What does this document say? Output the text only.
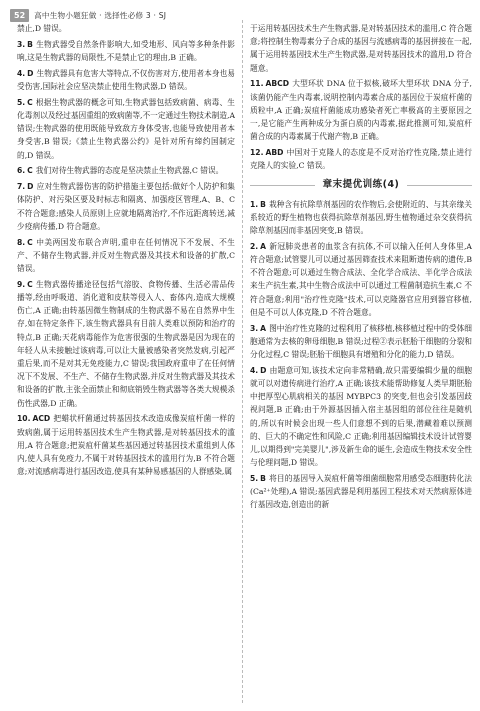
52	高中生物小题狂做 · 选择性必修 3 · SJ

禁止,D 错误。

3. B 生物武器受自然条件影响大,如受地形、风向等多种条件影响,这是生物武器的局限性,不是禁止它的理由,B 正确。

4. D 生物武器具有危害大等特点,不仅伤害对方,使用者本身也易受伤害,国际社会应坚决禁止使用生物武器,D 错误。

5. C 根据生物武器的概念可知,生物武器包括致病菌、病毒、生化毒剂以及经过基因重组的致病菌等,不一定通过生物技术制造,A 错误;生物武器的使用既能导致敌方身体受害,也能导致使用者本身受害,B 错误;《禁止生物武器公约》是针对所有缔约国制定的,D 错误。

6. C 我们对待生物武器的态度是坚决禁止生物武器,C 错误。

7. D 应对生物武器伤害的防护措施主要包括:做好个人防护和集体防护、对污染区要及时标志和隔离、加强疫区管理,A、B、C 不符合题意;感染人员原则上应就地隔离治疗,不作远距离转送,减少疫病传播,D 符合题意。

8. C 中美两国发布联合声明,重申在任何情况下不发展、不生产、不储存生物武器,并反对生物武器及其技术和设备的扩散,C 错误。

9. C 生物武器传播途径包括气溶胶、食物传播、生活必需品传播等,经由呼吸道、消化道和皮肤等侵入人、畜体内,造成大规模伤亡,A 正确;由转基因微生物制成的生物武器不易在自然界中生存,如在特定条件下,该生物武器具有目前人类难以预防和治疗的特点,B 正确;天花病毒能作为危害很强的生物武器是因为现在的年轻人从未接触过该病毒,可以让大量被感染者突然发病,引起严重后果,而不是对其无免疫能力,C 错误;我国政府重申了在任何情况下不发展、不生产、不储存生物武器,并反对生物武器及其技术和设备的扩散,主张全面禁止和彻底销毁生物武器等各类大规模杀伤性武器,D 正确。

10. ACD 把蜡状杆菌通过转基因技术改造成像炭疽杆菌一样的致病菌,属于运用转基因技术生产生物武器,是对转基因技术的滥用,A 符合题意;把炭疽杆菌某些基因通过转基因技术重组到人体内,使人具有免疫力,不属于对转基因技术的滥用行为,B 不符合题意;对流感病毒进行基因改造,使具有某种易感基因的人群感染,属

于运用转基因技术生产生物武器,是对转基因技术的滥用,C 符合题意;将控制生物毒素分子合成的基因与流感病毒的基因拼接在一起,属于运用转基因技术生产生物武器,是对转基因技术的滥用,D 符合题意。

11. ABCD 大型环状 DNA 位于拟核,破坏大型环状 DNA 分子,该菌仍能产生内毒素,说明控制内毒素合成的基因位于炭疽杆菌的质粒中,A 正确;炭疽杆菌能成功感染者死亡率极高的主要原因之一,是它能产生两种成分为蛋白质的内毒素,据此推测可知,炭疽杆菌合成的内毒素属于代谢产物,B 正确。

12. ABD 中国对于克隆人的态度是不反对治疗性克隆,禁止进行克隆人的实验,C 错误。

章末提优训练(4)

1. B 栽种含有抗除草剂基因的农作物后,会使附近的、与其亲缘关系较近的野生植物也获得抗除草剂基因,野生植物通过杂交获得抗除草剂基因而非基因突变,B 错误。

2. A 新冠肺炎患者的血浆含有抗体,不可以输入任何人身体里,A 符合题意;试管婴儿可以通过基因筛查技术来阻断遗传病的遗传,B 不符合题意;可以通过生物合成法、全化学合成法、半化学合成法来生产抗生素,其中生物合成法中可以通过工程菌制造抗生素,C 不符合题意;利用"治疗性克隆"技术,可以克隆器官应用到器官移植,但是不可以人体克隆,D 不符合题意。

3. A 图中治疗性克隆的过程利用了核移植,核移植过程中的受体细胞通常为去核的卵母细胞,B 错误;过程②表示胚胎干细胞的分裂和分化过程,C 错误;胚胎干细胞具有增殖和分化的能力,D 错误。

4. D 由题意可知,该技术定向非常精确,故只需要编辑少量的细胞就可以对遗传病进行治疗,A 正确;该技术能帮助修复人类早期胚胎中把厚型心肌病相关的基因 MYBPC3 的突变,但也会引发基因歧视问题,B 正确;由于外源基因插入宿主基因组的部位往往是随机的,所以有时候会出现一些人们意想不到的后果,潜藏着难以预测的、巨大的不确定性和风险,C 正确;利用基因编辑技术设计试管婴儿,以期得到"完美婴儿",涉及新生命的诞生,会造成生物技术安全性与伦理问题,D 错误。

5. B 将目的基因导入炭疽杆菌等细菌细胞常用感受态细胞转化法(Ca²⁺处理),A 错误;基因武器是利用基因工程技术对天然病原体进行基因改造,创造出的新
